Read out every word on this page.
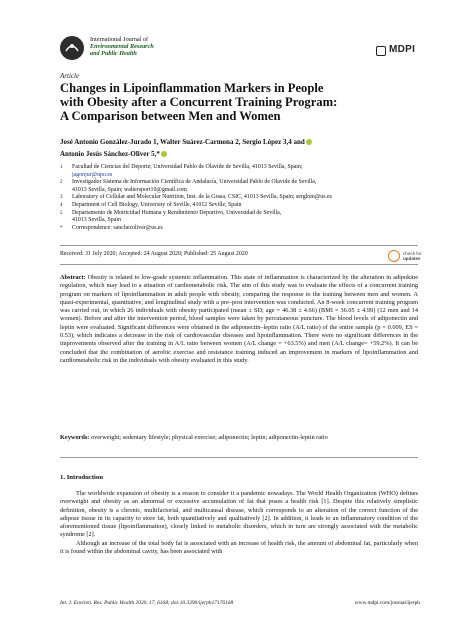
International Journal of
Environmental Research
and Public Health	MDPI
Article
Changes in Lipoinflammation Markers in People
with Obesity after a Concurrent Training Program:
A Comparison between Men and Women
José Antonio González-Jurado 1, Walter Suárez-Carmona 2, Sergio López 3,4 and
Antonio Jesús Sánchez-Oliver 5,*
1 Facultad de Ciencias del Deporte; Universidad Pablo de Olavide de Sevilla, 41013 Sevilla, Spain;
jagonjur@upo.es
2 Investigador Sistema de Información Científica de Andalucía, Universidad Pablo de Olavide de Sevilla,
41013 Sevilla, Spain; waltersport10@gmail.com
3 Laboratory of Cellular and Molecular Nutrition, Inst. de la Grasa, CSIC, 41013 Sevilla, Spain; serglom@us.es
4 Department of Cell Biology, University of Seville, 41012 Seville, Spain
5 Departamento de Motricidad Humana y Rendimiento Deportivo, Universidad de Sevilla,
41013 Sevilla, Spain
* Correspondence: sanchezoliver@us.es
Received: 31 July 2020; Accepted: 24 August 2020; Published: 25 August 2020	check for
updates
Abstract: Obesity is related to low-grade systemic inflammation. This state of inflammation is characterized by the alteration in adipokine regulation, which may lead to a situation of cardiometabolic risk. The aim of this study was to evaluate the effects of a concurrent training program on markers of lipoinflammation in adult people with obesity, comparing the response to the training between men and women. A quasi-experimental, quantitative, and longitudinal study with a pre–post intervention was conducted. An 8-week concurrent training program was carried out, in which 26 individuals with obesity participated (mean ± SD; age = 46.38 ± 4.66) (BMI = 36.05 ± 4.99) (12 men and 14 women). Before and after the intervention period, blood samples were taken by percutaneous puncture. The blood levels of adiponectin and leptin were evaluated. Significant differences were obtained in the adiponectin–leptin ratio (A/L ratio) of the entire sample (p = 0.009, ES = 0.53), which indicates a decrease in the risk of cardiovascular diseases and lipoinflammation. There were no significant differences in the improvements observed after the training in A/L ratio between women (A/L change = +63.5%) and men (A/L change= +59.2%). It can be concluded that the combination of aerobic exercise and resistance training induced an improvement in markers of lipoinflammation and cardiometabolic risk in the individuals with obesity evaluated in this study.
Keywords: overweight; sedentary lifestyle; physical exercise; adiponectin; leptin; adiponectin-leptin ratio
1. Introduction

The worldwide expansion of obesity is a reason to consider it a pandemic nowadays. The World Health Organization (WHO) defines overweight and obesity as an abnormal or excessive accumulation of fat that poses a health risk [1]. Despite this relatively simplistic definition, obesity is a chronic, multifactorial, and multicausal disease, which corresponds to an alteration of the correct function of the adipose tissue in its capacity to store fat, both quantitatively and qualitatively [2]. In addition, it leads to an inflammatory condition of the aforementioned tissue (lipoinflammation), closely linked to metabolic disorders, which in turn are strongly associated with the metabolic syndrome [2].

Although an increase of the total body fat is associated with an increase of health risk, the amount of abdominal fat, particularly when it is found within the abdominal cavity, has been associated with

Int. J. Environ. Res. Public Health 2020, 17, 6168; doi:10.3390/ijerph17176168	www.mdpi.com/journal/ijerph
